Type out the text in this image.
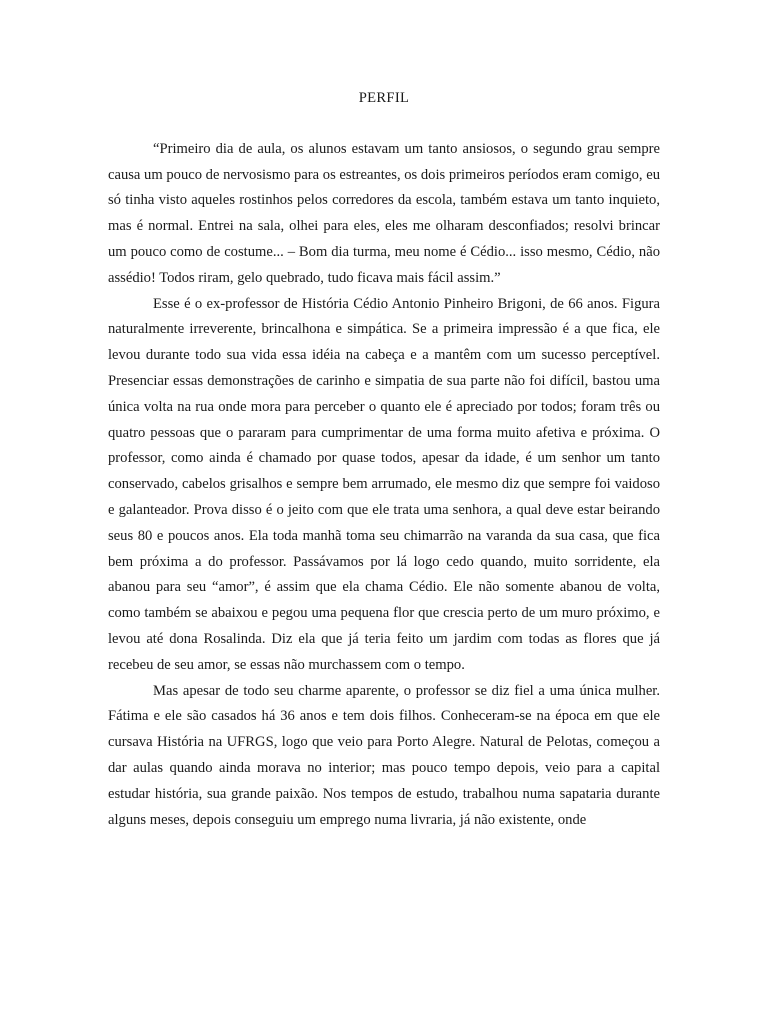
PERFIL

“Primeiro dia de aula, os alunos estavam um tanto ansiosos, o segundo grau sempre causa um pouco de nervosismo para os estreantes, os dois primeiros períodos eram comigo, eu só tinha visto aqueles rostinhos pelos corredores da escola, também estava um tanto inquieto, mas é normal. Entrei na sala, olhei para eles, eles me olharam desconfiados; resolvi brincar um pouco como de costume... – Bom dia turma, meu nome é Cédio... isso mesmo, Cédio, não assédio! Todos riram, gelo quebrado, tudo ficava mais fácil assim.”

Esse é o ex-professor de História Cédio Antonio Pinheiro Brigoni, de 66 anos. Figura naturalmente irreverente, brincalhona e simpática. Se a primeira impressão é a que fica, ele levou durante todo sua vida essa idéia na cabeça e a mantêm com um sucesso perceptível. Presenciar essas demonstrações de carinho e simpatia de sua parte não foi difícil, bastou uma única volta na rua onde mora para perceber o quanto ele é apreciado por todos; foram três ou quatro pessoas que o pararam para cumprimentar de uma forma muito afetiva e próxima. O professor, como ainda é chamado por quase todos, apesar da idade, é um senhor um tanto conservado, cabelos grisalhos e sempre bem arrumado, ele mesmo diz que sempre foi vaidoso e galanteador. Prova disso é o jeito com que ele trata uma senhora, a qual deve estar beirando seus 80 e poucos anos. Ela toda manhã toma seu chimarrão na varanda da sua casa, que fica bem próxima a do professor. Passávamos por lá logo cedo quando, muito sorridente, ela abanou para seu “amor”, é assim que ela chama Cédio. Ele não somente abanou de volta, como também se abaixou e pegou uma pequena flor que crescia perto de um muro próximo, e levou até dona Rosalinda. Diz ela que já teria feito um jardim com todas as flores que já recebeu de seu amor, se essas não murchassem com o tempo.

Mas apesar de todo seu charme aparente, o professor se diz fiel a uma única mulher. Fátima e ele são casados há 36 anos e tem dois filhos. Conheceram-se na época em que ele cursava História na UFRGS, logo que veio para Porto Alegre. Natural de Pelotas, começou a dar aulas quando ainda morava no interior; mas pouco tempo depois, veio para a capital estudar história, sua grande paixão. Nos tempos de estudo, trabalhou numa sapataria durante alguns meses, depois conseguiu um emprego numa livraria, já não existente, onde
